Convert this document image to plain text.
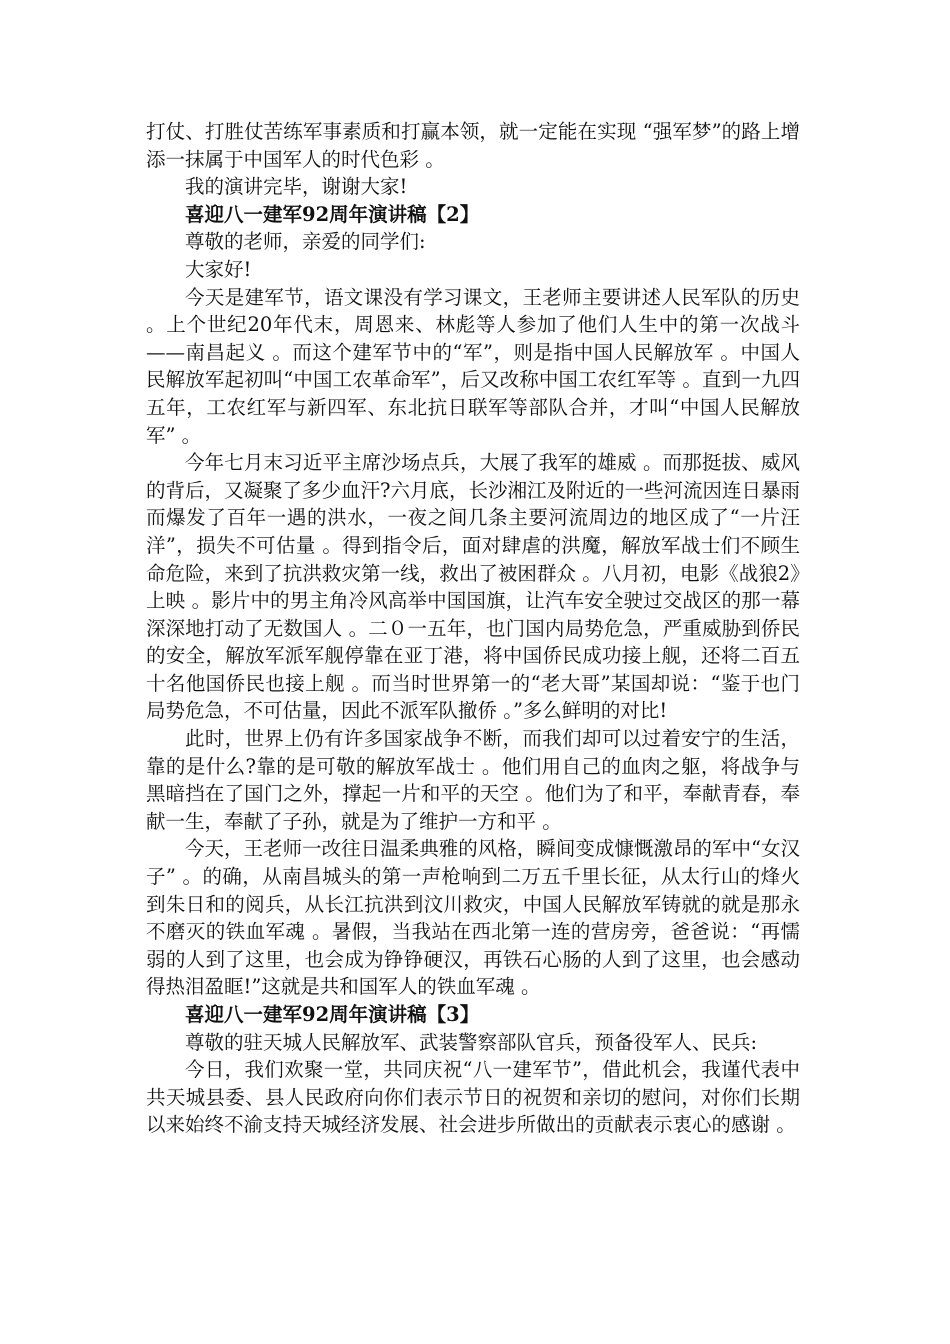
打仗、打胜仗苦练军事素质和打赢本领，就一定能在实现 “强军梦”的路上增添一抹属于中国军人的时代色彩 。

我的演讲完毕，谢谢大家!

喜迎八一建军92周年演讲稿【2】

尊敬的老师，亲爱的同学们:

大家好!

今天是建军节，语文课没有学习课文，王老师主要讲述人民军队的历史 。上个世纪20年代末，周恩来、林彪等人参加了他们人生中的第一次战斗——南昌起义 。而这个建军节中的“军”，则是指中国人民解放军 。中国人民解放军起初叫“中国工农革命军”，后又改称中国工农红军等 。直到一九四五年，工农红军与新四军、东北抗日联军等部队合并，才叫“中国人民解放军” 。

今年七月末习近平主席沙场点兵，大展了我军的雄威 。而那挺拔、威风的背后，又凝聚了多少血汗?六月底，长沙湘江及附近的一些河流因连日暴雨而爆发了百年一遇的洪水，一夜之间几条主要河流周边的地区成了“一片汪洋”，损失不可估量 。得到指令后，面对肆虐的洪魔，解放军战士们不顾生命危险，来到了抗洪救灾第一线，救出了被困群众 。八月初，电影《战狼2》上映 。影片中的男主角冷风高举中国国旗，让汽车安全驶过交战区的那一幕深深地打动了无数国人 。二０一五年，也门国内局势危急，严重威胁到侨民的安全，解放军派军舰停靠在亚丁港，将中国侨民成功接上舰，还将二百五十名他国侨民也接上舰 。而当时世界第一的“老大哥”某国却说：“鉴于也门局势危急，不可估量，因此不派军队撤侨 。”多么鲜明的对比!

此时，世界上仍有许多国家战争不断，而我们却可以过着安宁的生活，靠的是什么?靠的是可敬的解放军战士 。他们用自己的血肉之躯，将战争与黑暗挡在了国门之外，撑起一片和平的天空 。他们为了和平，奉献青春，奉献一生，奉献了子孙，就是为了维护一方和平 。

今天，王老师一改往日温柔典雅的风格，瞬间变成慷慨激昂的军中“女汉子” 。的确，从南昌城头的第一声枪响到二万五千里长征，从太行山的烽火到朱日和的阅兵，从长江抗洪到汶川救灾，中国人民解放军铸就的就是那永不磨灭的铁血军魂 。暑假，当我站在西北第一连的营房旁，爸爸说：“再懦弱的人到了这里，也会成为铮铮硬汉，再铁石心肠的人到了这里，也会感动得热泪盈眶!”这就是共和国军人的铁血军魂 。

喜迎八一建军92周年演讲稿【3】

尊敬的驻天城人民解放军、武装警察部队官兵，预备役军人、民兵:

今日，我们欢聚一堂，共同庆祝“八一建军节”，借此机会，我谨代表中共天城县委、县人民政府向你们表示节日的祝贺和亲切的慰问，对你们长期以来始终不渝支持天城经济发展、社会进步所做出的贡献表示衷心的感谢 。
